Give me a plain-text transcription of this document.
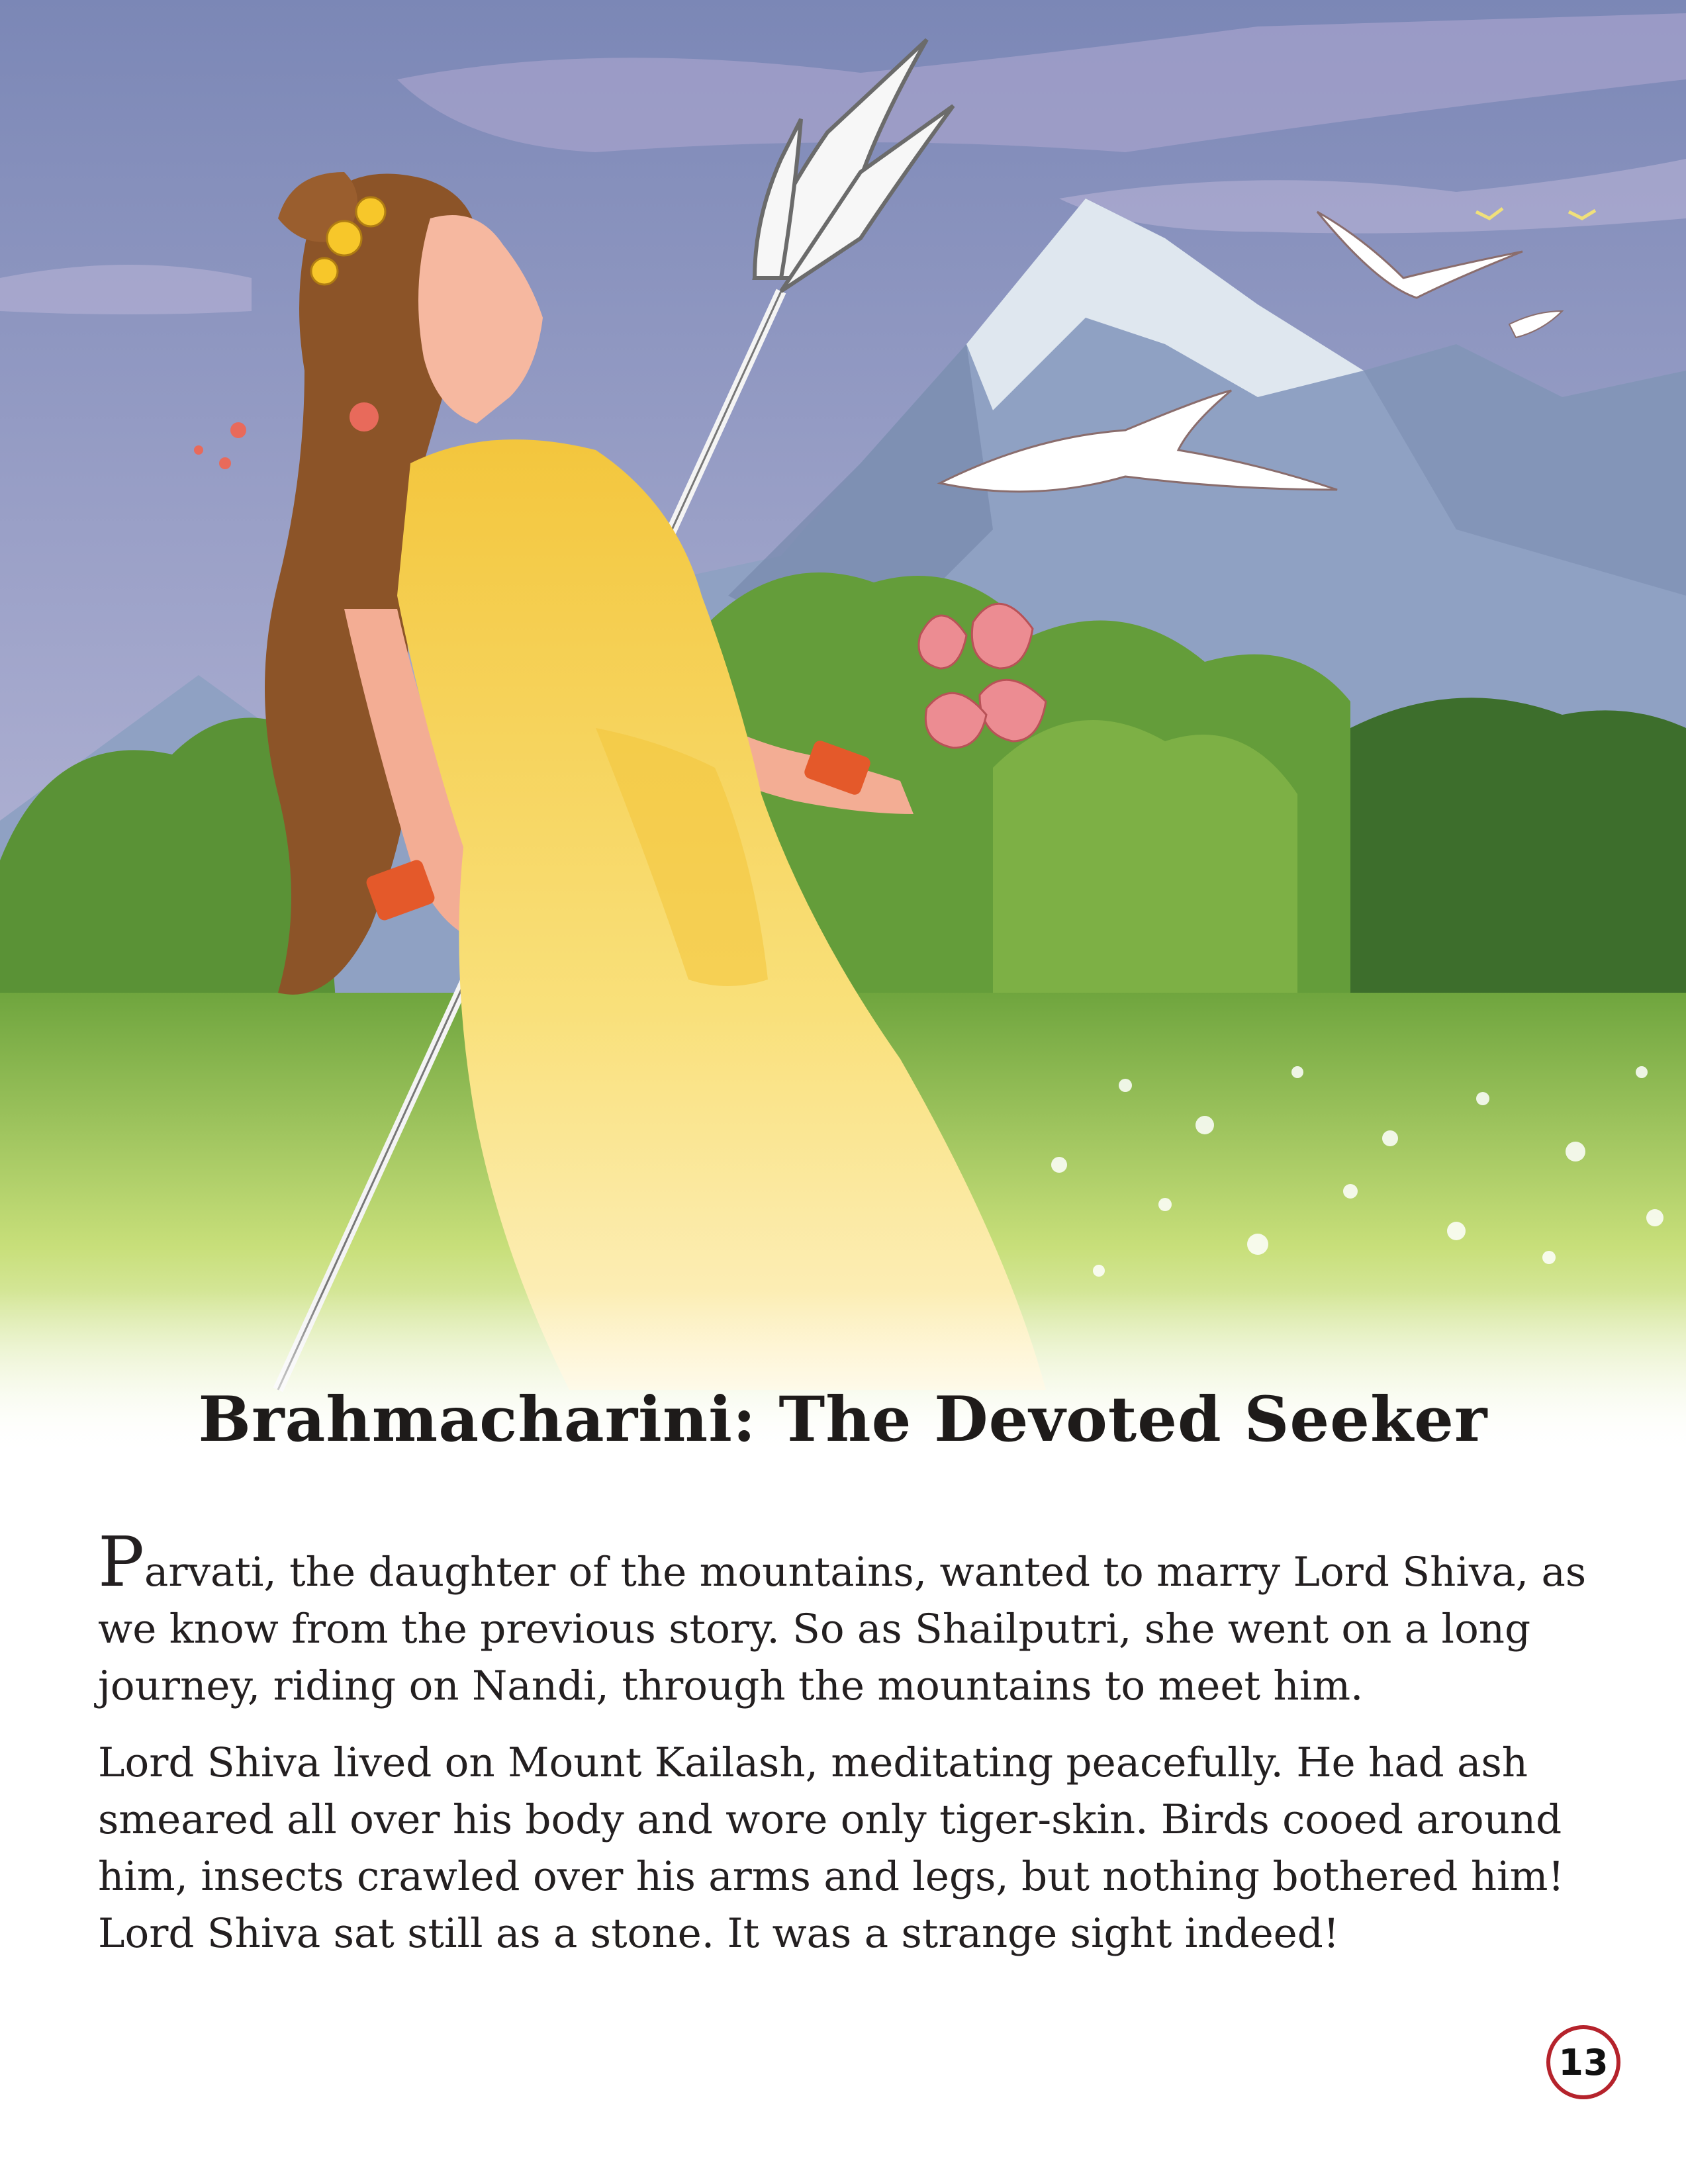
Brahmacharini: The Devoted Seeker

Parvati, the daughter of the mountains, wanted to marry Lord Shiva, as we know from the previous story. So as Shailputri, she went on a long journey, riding on Nandi, through the mountains to meet him.

Lord Shiva lived on Mount Kailash, meditating peacefully. He had ash smeared all over his body and wore only tiger-skin. Birds cooed around him, insects crawled over his arms and legs, but nothing bothered him! Lord Shiva sat still as a stone. It was a strange sight indeed!

13
